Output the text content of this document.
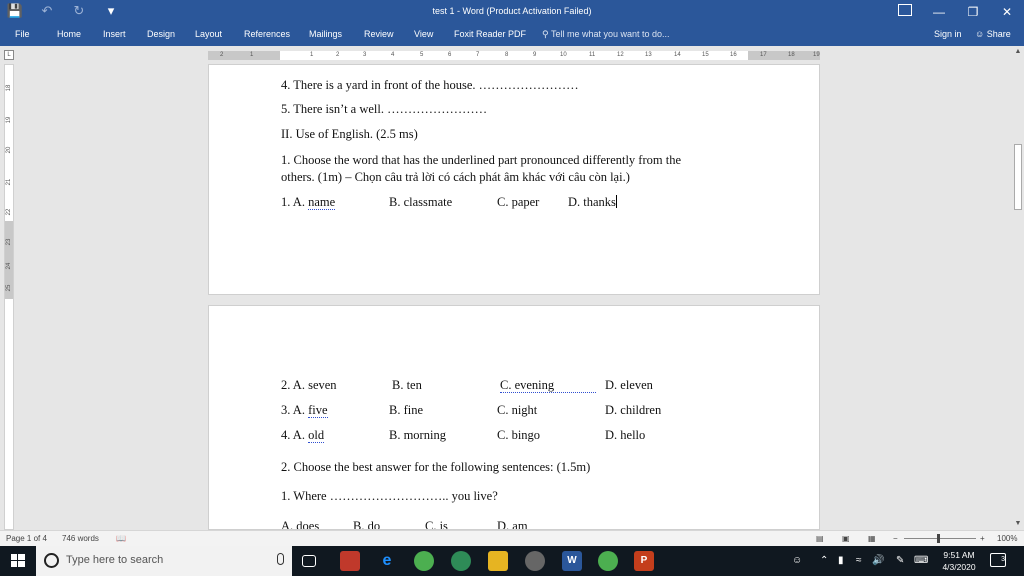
💾 ↶ ↻	▾	test 1 - Word (Product Activation Failed)	—	❐	✕
File	Home Insert Design Layout References Mailings Review View Foxit Reader PDF ⚲ Tell me what you want to do...	Sign in ☺ Share
L	2	1	1	2	3	4	5	6	7	8	9	10	11	12	13	14	15	16	17	18	19
18
19
20
21
22
23
24
25
4. There is a yard in front of the house. ……………………
5. There isn’t a well. ……………………
II. Use of English. (2.5 ms)
1. Choose the word that has the underlined part pronounced differently from the
others. (1m) – Chọn câu trả lời có cách phát âm khác với câu còn lại.)
1. A. name	B. classmate	C. paper D. thanks
2. A. seven	B. ten	C. evening	D. eleven
3. A. five	B. fine	C. night	D. children
4. A. old	B. morning	C. bingo	D. hello
2. Choose the best answer for the following sentences: (1.5m)
1. Where ……………………….. you live?
A. does	B. do	C. is	D. am
▲
▼
Page 1 of 4 746 words 📖	▤ ▣ ▦ −	+ 100%
Type here to search	e	W	P	☺ ⌃ ▮ ≈ 🔊 ✎ ⌨	9:51 AM
4/3/2020
3
